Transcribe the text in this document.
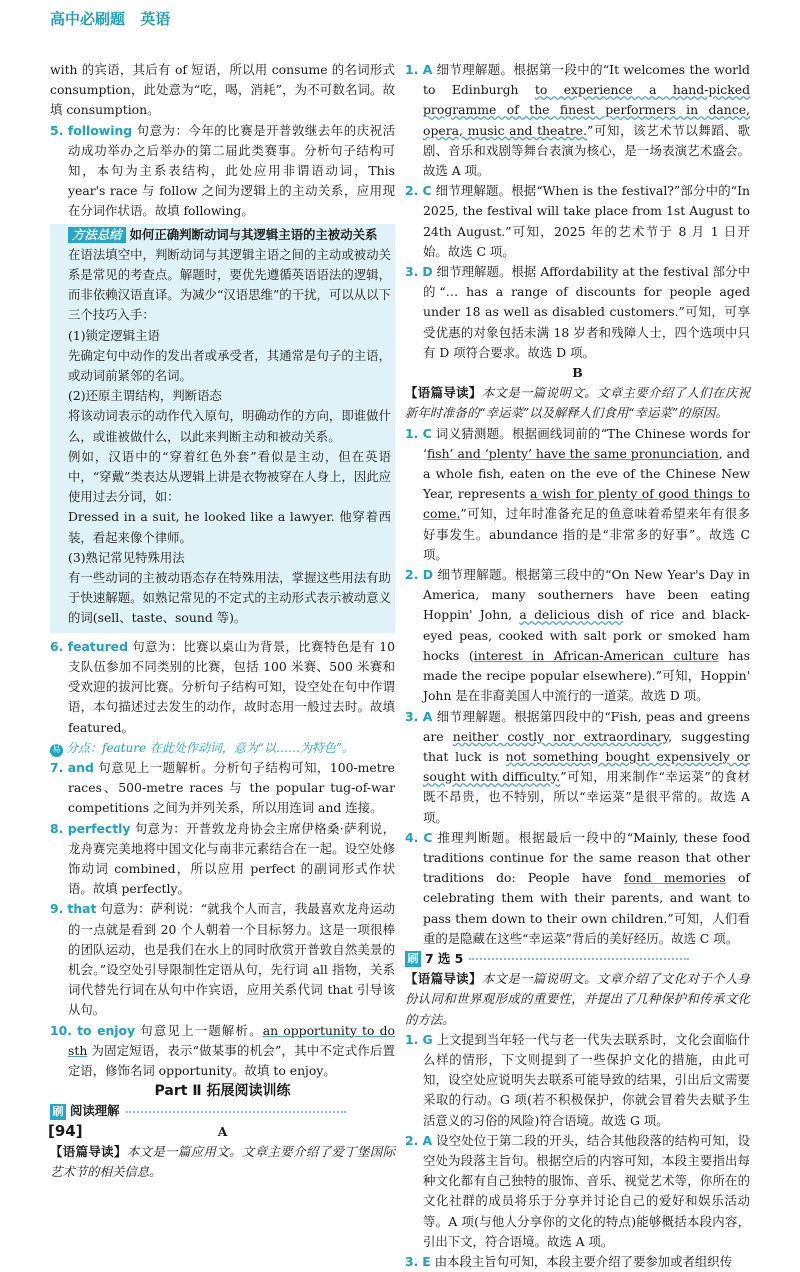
高中必刷题 英语

with 的宾语，其后有 of 短语，所以用 consume 的名词形式 consumption，此处意为“吃，喝，消耗”，为不可数名词。故填 consumption。

5. following 句意为：今年的比赛是开普敦继去年的庆祝活动成功举办之后举办的第二届此类赛事。分析句子结构可知，本句为主系表结构，此处应用非谓语动词，This year's race 与 follow 之间为逻辑上的主动关系，应用现在分词作状语。故填 following。

方法总结 如何正确判断动词与其逻辑主语的主被动关系

在语法填空中，判断动词与其逻辑主语之间的主动或被动关系是常见的考查点。解题时，要优先遵循英语语法的逻辑，而非依赖汉语直译。为减少“汉语思维”的干扰，可以从以下三个技巧入手：

(1)锁定逻辑主语

先确定句中动作的发出者或承受者，其通常是句子的主语，或动词前紧邻的名词。

(2)还原主谓结构，判断语态

将该动词表示的动作代入原句，明确动作的方向，即谁做什么，或谁被做什么，以此来判断主动和被动关系。

例如，汉语中的“穿着红色外套”看似是主动，但在英语中，“穿戴”类表达从逻辑上讲是衣物被穿在人身上，因此应使用过去分词，如：

Dressed in a suit, he looked like a lawyer. 他穿着西装，看起来像个律师。

(3)熟记常见特殊用法

有一些动词的主被动语态存在特殊用法，掌握这些用法有助于快速解题。如熟记常见的不定式的主动形式表示被动意义的词(sell、taste、sound 等)。

6. featured 句意为：比赛以桌山为背景，比赛特色是有 10 支队伍参加不同类别的比赛，包括 100 米赛、500 米赛和受欢迎的拔河比赛。分析句子结构可知，设空处在句中作谓语，本句描述过去发生的动作，故时态用一般过去时。故填 featured。

易 分点：feature 在此处作动词，意为“以……为特色”。

7. and 句意见上一题解析。分析句子结构可知，100-metre races、500-metre races 与 the popular tug-of-war competitions 之间为并列关系，所以用连词 and 连接。

8. perfectly 句意为：开普敦龙舟协会主席伊格桑·萨利说，龙舟赛完美地将中国文化与南非元素结合在一起。设空处修饰动词 combined，所以应用 perfect 的副词形式作状语。故填 perfectly。

9. that 句意为：萨利说：“就我个人而言，我最喜欢龙舟运动的一点就是看到 20 个人朝着一个目标努力。这是一项很棒的团队运动，也是我们在水上的同时欣赏开普敦自然美景的机会。”设空处引导限制性定语从句，先行词 all 指物，关系词代替先行词在从句中作宾语，应用关系代词 that 引导该从句。

10. to enjoy 句意见上一题解析。an opportunity to do sth 为固定短语，表示“做某事的机会”，其中不定式作后置定语，修饰名词 opportunity。故填 to enjoy。

Part Ⅱ 拓展阅读训练

刷 阅读理解

A

【语篇导读】本文是一篇应用文。文章主要介绍了爱丁堡国际艺术节的相关信息。

1. A 细节理解题。根据第一段中的“It welcomes the world to Edinburgh to experience a hand-picked programme of the finest performers in dance, opera, music and theatre.”可知，该艺术节以舞蹈、歌剧、音乐和戏剧等舞台表演为核心，是一场表演艺术盛会。故选 A 项。

2. C 细节理解题。根据“When is the festival?”部分中的“In 2025, the festival will take place from 1st August to 24th August.”可知，2025 年的艺术节于 8 月 1 日开始。故选 C 项。

3. D 细节理解题。根据 Affordability at the festival 部分中的“… has a range of discounts for people aged under 18 as well as disabled customers.”可知，可享受优惠的对象包括未满 18 岁者和残障人士，四个选项中只有 D 项符合要求。故选 D 项。

B

【语篇导读】本文是一篇说明文。文章主要介绍了人们在庆祝新年时准备的“幸运菜”以及解释人们食用“幸运菜”的原因。

1. C 词义猜测题。根据画线词前的“The Chinese words for ‘fish’ and ‘plenty’ have the same pronunciation, and a whole fish, eaten on the eve of the Chinese New Year, represents a wish for plenty of good things to come.”可知，过年时准备充足的鱼意味着希望来年有很多好事发生。abundance 指的是“非常多的好事”。故选 C 项。

2. D 细节理解题。根据第三段中的“On New Year's Day in America, many southerners have been eating Hoppin' John, a delicious dish of rice and black-eyed peas, cooked with salt pork or smoked ham hocks (interest in African-American culture has made the recipe popular elsewhere).”可知，Hoppin' John 是在非裔美国人中流行的一道菜。故选 D 项。

3. A 细节理解题。根据第四段中的“Fish, peas and greens are neither costly nor extraordinary, suggesting that luck is not something bought expensively or sought with difficulty.”可知，用来制作“幸运菜”的食材既不昂贵，也不特别，所以“幸运菜”是很平常的。故选 A 项。

4. C 推理判断题。根据最后一段中的“Mainly, these food traditions continue for the same reason that other traditions do: People have fond memories of celebrating them with their parents, and want to pass them down to their own children.”可知，人们看重的是隐藏在这些“幸运菜”背后的美好经历。故选 C 项。

刷 7 选 5

【语篇导读】本文是一篇说明文。文章介绍了文化对于个人身份认同和世界观形成的重要性，并提出了几种保护和传承文化的方法。

1. G 上文提到当年轻一代与老一代失去联系时，文化会面临什么样的情形，下文则提到了一些保护文化的措施，由此可知，设空处应说明失去联系可能导致的结果，引出后文需要采取的行动。G 项(若不积极保护，你就会冒着失去赋予生活意义的习俗的风险)符合语境。故选 G 项。

2. A 设空处位于第二段的开头，结合其他段落的结构可知，设空处为段落主旨句。根据空后的内容可知，本段主要指出每种文化都有自己独特的服饰、音乐、视觉艺术等，你所在的文化社群的成员将乐于分享并讨论自己的爱好和娱乐活动等。A 项(与他人分享你的文化的特点)能够概括本段内容，引出下文，符合语境。故选 A 项。

3. E 由本段主旨句可知，本段主要介绍了要参加或者组织传

[94]
